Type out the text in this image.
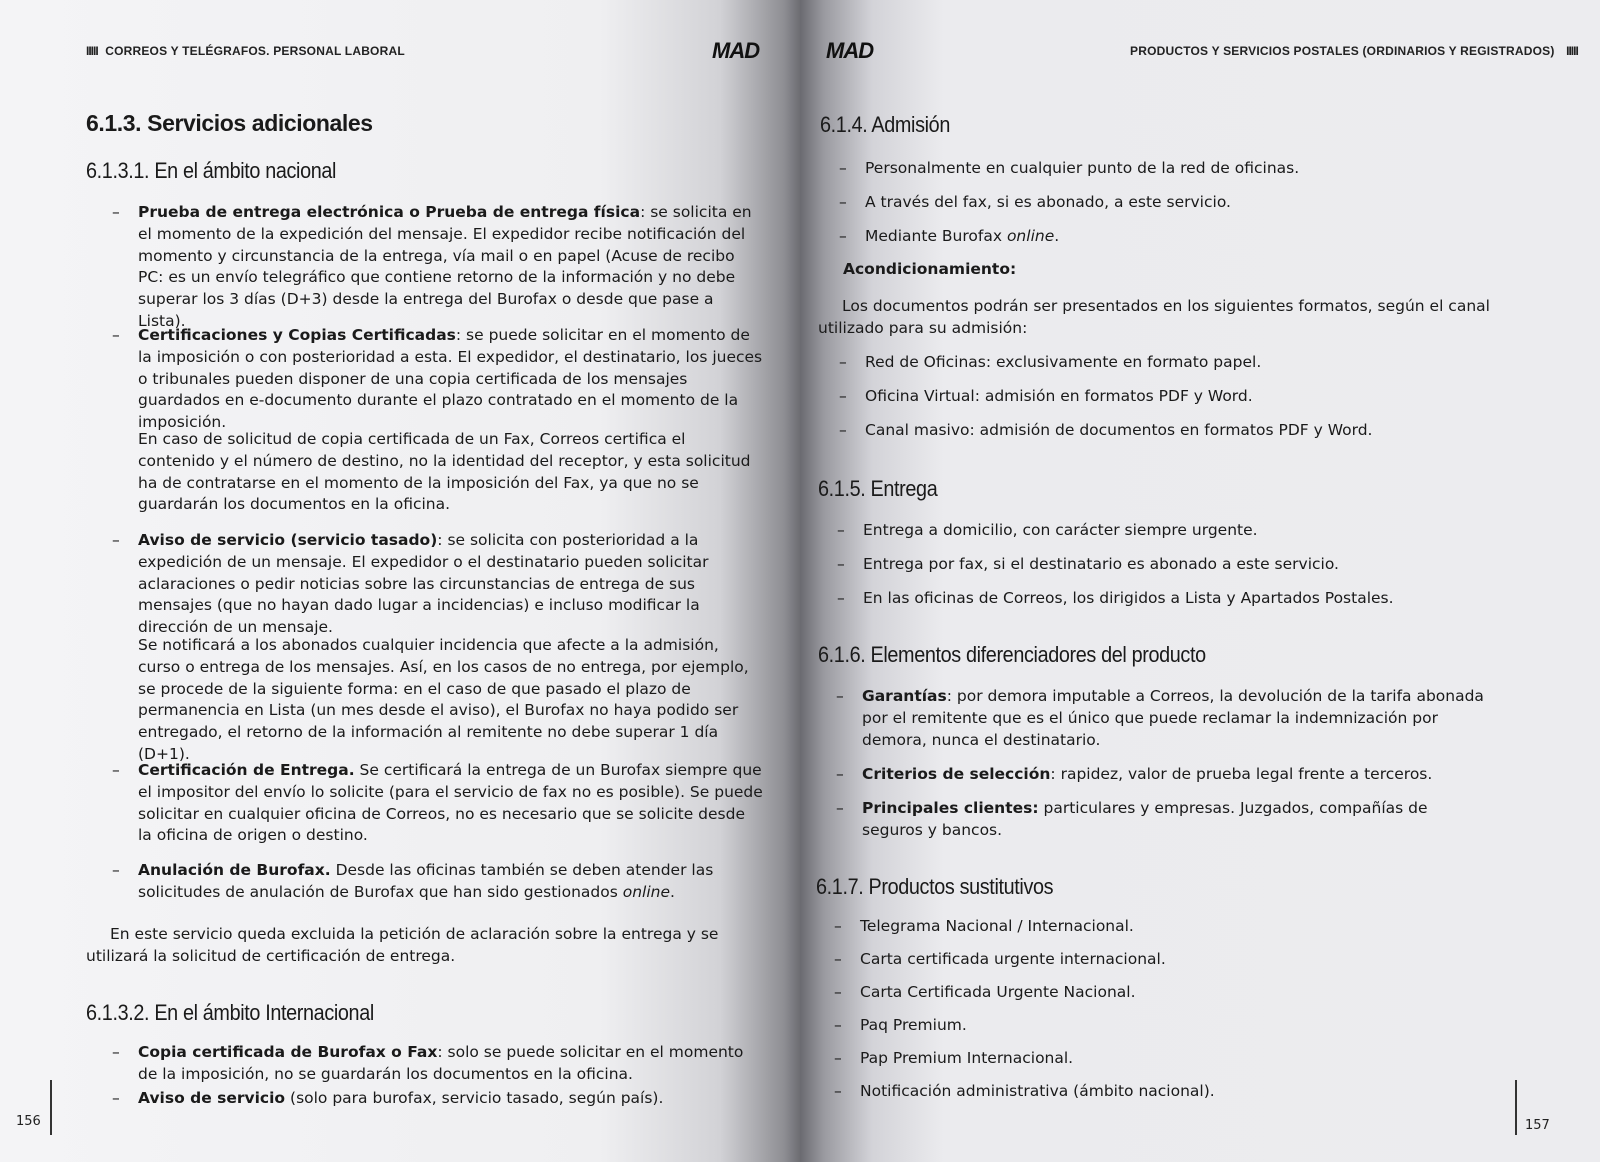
IIIII CORREOS Y TELÉGRAFOS. PERSONAL LABORAL	MAD
6.1.3. Servicios adicionales
6.1.3.1. En el ámbito nacional
– Prueba de entrega electrónica o Prueba de entrega física: se solicita en el momento de la expedición del mensaje. El expedidor recibe notificación del momento y circunstancia de la entrega, vía mail o en papel (Acuse de recibo PC: es un envío telegráfico que contiene retorno de la información y no debe superar los 3 días (D+3) desde la entrega del Burofax o desde que pase a Lista).
– Certificaciones y Copias Certificadas: se puede solicitar en el momento de la imposición o con posterioridad a esta. El expedidor, el destinatario, los jueces o tribunales pueden disponer de una copia certificada de los mensajes guardados en e-documento durante el plazo contratado en el momento de la imposición.
En caso de solicitud de copia certificada de un Fax, Correos certifica el contenido y el número de destino, no la identidad del receptor, y esta solicitud ha de contratarse en el momento de la imposición del Fax, ya que no se guardarán los documentos en la oficina.
– Aviso de servicio (servicio tasado): se solicita con posterioridad a la expedición de un mensaje. El expedidor o el destinatario pueden solicitar aclaraciones o pedir noticias sobre las circunstancias de entrega de sus mensajes (que no hayan dado lugar a incidencias) e incluso modificar la dirección de un mensaje.
Se notificará a los abonados cualquier incidencia que afecte a la admisión, curso o entrega de los mensajes. Así, en los casos de no entrega, por ejemplo, se procede de la siguiente forma: en el caso de que pasado el plazo de permanencia en Lista (un mes desde el aviso), el Burofax no haya podido ser entregado, el retorno de la información al remitente no debe superar 1 día (D+1).
– Certificación de Entrega. Se certificará la entrega de un Burofax siempre que el impositor del envío lo solicite (para el servicio de fax no es posible). Se puede solicitar en cualquier oficina de Correos, no es necesario que se solicite desde la oficina de origen o destino.
– Anulación de Burofax. Desde las oficinas también se deben atender las solicitudes de anulación de Burofax que han sido gestionados online.
En este servicio queda excluida la petición de aclaración sobre la entrega y se utilizará la solicitud de certificación de entrega.
6.1.3.2. En el ámbito Internacional
– Copia certificada de Burofax o Fax: solo se puede solicitar en el momento de la imposición, no se guardarán los documentos en la oficina.
– Aviso de servicio (solo para burofax, servicio tasado, según país).
156
MAD	PRODUCTOS Y SERVICIOS POSTALES (ORDINARIOS Y REGISTRADOS) IIIII
6.1.4. Admisión
– Personalmente en cualquier punto de la red de oficinas.
– A través del fax, si es abonado, a este servicio.
– Mediante Burofax online.
Acondicionamiento:
Los documentos podrán ser presentados en los siguientes formatos, según el canal utilizado para su admisión:
– Red de Oficinas: exclusivamente en formato papel.
– Oficina Virtual: admisión en formatos PDF y Word.
– Canal masivo: admisión de documentos en formatos PDF y Word.
6.1.5. Entrega
– Entrega a domicilio, con carácter siempre urgente.
– Entrega por fax, si el destinatario es abonado a este servicio.
– En las oficinas de Correos, los dirigidos a Lista y Apartados Postales.
6.1.6. Elementos diferenciadores del producto
– Garantías: por demora imputable a Correos, la devolución de la tarifa abonada por el remitente que es el único que puede reclamar la indemnización por demora, nunca el destinatario.
– Criterios de selección: rapidez, valor de prueba legal frente a terceros.
– Principales clientes: particulares y empresas. Juzgados, compañías de seguros y bancos.
6.1.7. Productos sustitutivos
– Telegrama Nacional / Internacional.
– Carta certificada urgente internacional.
– Carta Certificada Urgente Nacional.
– Paq Premium.
– Pap Premium Internacional.
– Notificación administrativa (ámbito nacional).
157
